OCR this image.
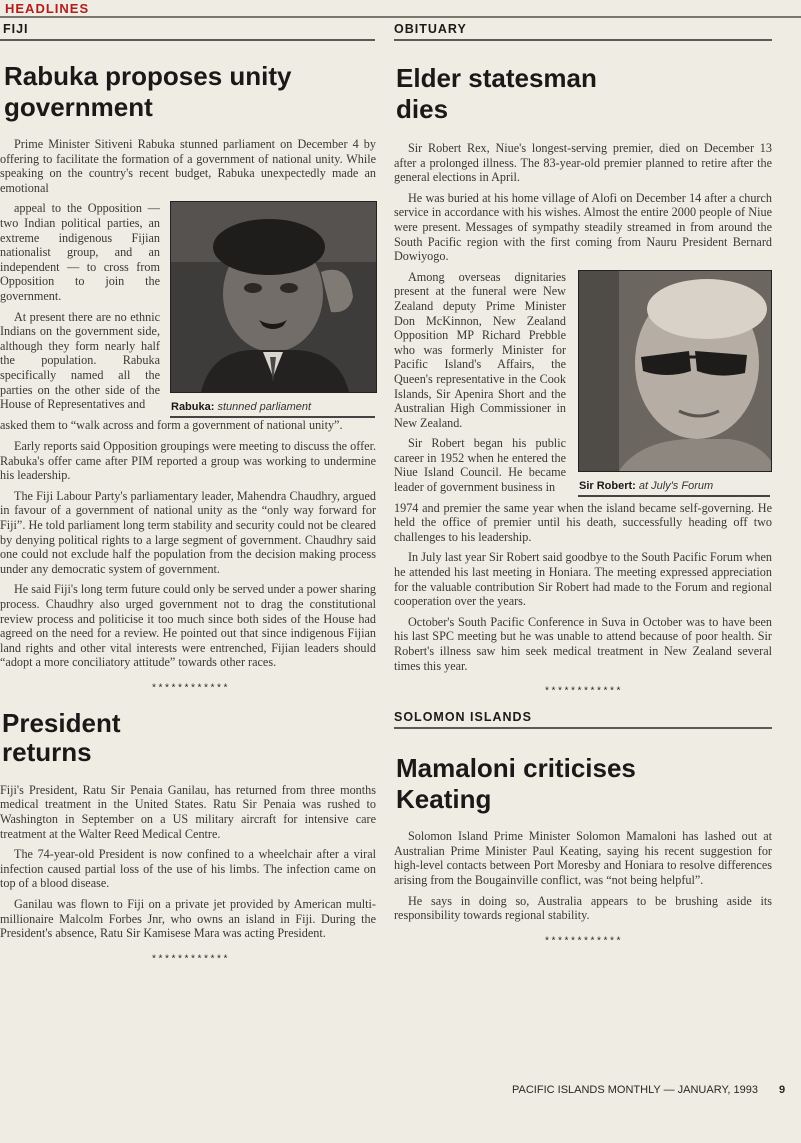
HEADLINES
FIJI
Rabuka proposes unity government

Prime Minister Sitiveni Rabuka stunned parliament on December 4 by offering to facilitate the formation of a government of national unity. While speaking on the country's recent budget, Rabuka unexpectedly made an emotional

appeal to the Opposition — two Indian political parties, an extreme indigenous Fijian nationalist group, and an independent — to cross from Opposition to join the government.

At present there are no ethnic Indians on the government side, although they form nearly half the population. Rabuka specifically named all the parties on the other side of the House of Representatives and	Rabuka: stunned parliament

asked them to “walk across and form a government of national unity”.

Early reports said Opposition groupings were meeting to discuss the offer. Rabuka's offer came after PIM reported a group was working to undermine his leadership.

The Fiji Labour Party's parliamentary leader, Mahendra Chaudhry, argued in favour of a government of national unity as the “only way forward for Fiji”. He told parliament long term stability and security could not be cleared by denying political rights to a large segment of government. Chaudhry said one could not exclude half the population from the decision making process under any democratic system of government.

He said Fiji's long term future could only be served under a power sharing process. Chaudhry also urged government not to drag the constitutional review process and politicise it too much since both sides of the House had agreed on the need for a review. He pointed out that since indigenous Fijian land rights and other vital interests were entrenched, Fijian leaders should “adopt a more conciliatory attitude” towards other races.

************
President returns

Fiji's President, Ratu Sir Penaia Ganilau, has returned from three months medical treatment in the United States. Ratu Sir Penaia was rushed to Washington in September on a US military aircraft for intensive care treatment at the Walter Reed Medical Centre.

The 74-year-old President is now confined to a wheelchair after a viral infection caused partial loss of the use of his limbs. The infection came on top of a blood disease.

Ganilau was flown to Fiji on a private jet provided by American multi-millionaire Malcolm Forbes Jnr, who owns an island in Fiji. During the President's absence, Ratu Sir Kamisese Mara was acting President.

************
OBITUARY
Elder statesman dies

Sir Robert Rex, Niue's longest-serving premier, died on December 13 after a prolonged illness. The 83-year-old premier planned to retire after the general elections in April.

He was buried at his home village of Alofi on December 14 after a church service in accordance with his wishes. Almost the entire 2000 people of Niue were present. Messages of sympathy steadily streamed in from around the South Pacific region with the first coming from Nauru President Bernard Dowiyogo.

Among overseas dignitaries present at the funeral were New Zealand deputy Prime Minister Don McKinnon, New Zealand Opposition MP Richard Prebble who was formerly Minister for Pacific Island's Affairs, the Queen's representative in the Cook Islands, Sir Apenira Short and the Australian High Commissioner in New Zealand.

Sir Robert began his public career in 1952 when he entered the Niue Island Council. He became leader of government business in	Sir Robert: at July's Forum

1974 and premier the same year when the island became self-governing. He held the office of premier until his death, successfully heading off two challenges to his leadership.

In July last year Sir Robert said goodbye to the South Pacific Forum when he attended his last meeting in Honiara. The meeting expressed appreciation for the valuable contribution Sir Robert had made to the Forum and regional cooperation over the years.

October's South Pacific Conference in Suva in October was to have been his last SPC meeting but he was unable to attend because of poor health. Sir Robert's illness saw him seek medical treatment in New Zealand several times this year.

************
SOLOMON ISLANDS
Mamaloni criticises Keating

Solomon Island Prime Minister Solomon Mamaloni has lashed out at Australian Prime Minister Paul Keating, saying his recent suggestion for high-level contacts between Port Moresby and Honiara to resolve differences arising from the Bougainville conflict, was “not being helpful”.

He says in doing so, Australia appears to be brushing aside its responsibility towards regional stability.

************
PACIFIC ISLANDS MONTHLY — JANUARY, 1993 9
